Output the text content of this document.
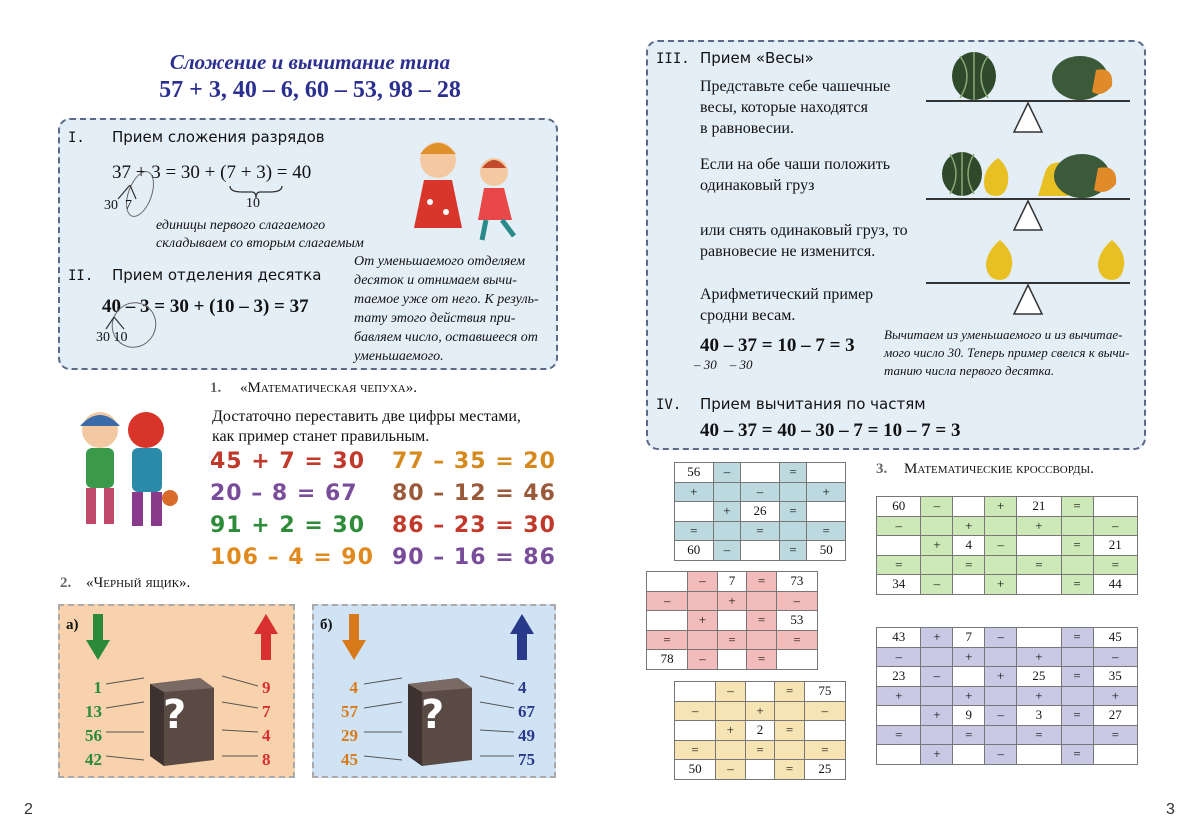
Сложение и вычитание типа
57 + 3, 40 – 6, 60 – 53, 98 – 28
I. Прием сложения разрядов
37 + 3 = 30 + (7 + 3) = 40
30  7	10
единицы первого слагаемого
складываем со вторым слагаемым
II. Прием отделения десятка
40 – 3 = 30 + (10 – 3) = 37
30 10
От уменьшаемого отделяем
десяток и отнимаем вычи-
таемое уже от него. К резуль-
тату этого действия при-
бавляем число, оставшееся от
уменьшаемого.
1. «Математическая чепуха».
Достаточно переставить две цифры местами,
как пример станет правильным.
45 + 7 = 30 77 – 35 = 20
20 – 8 = 67 80 – 12 = 46
91 + 2 = 30 86 – 23 = 30
106 – 4 = 90 90 – 16 = 86
2. «Черный ящик».
а)
1
13
56
42
9
7
4
8
?
б)
4
57
29
45
4
67
49
75
?
2
III. Прием «Весы»
Представьте себе чашечные
весы, которые находятся
в равновесии.
Если на обе чаши положить
одинаковый груз
или снять одинаковый груз, то
равновесие не изменится.
Арифметический пример
сродни весам.
40 – 37 = 10 – 7 = 3
– 30    – 30
Вычитаем из уменьшаемого и из вычитае-
мого число 30. Теперь пример свелся к вычи-
танию числа первого десятка.
IV. Прием вычитания по частям
40 – 37 = 40 – 30 – 7 = 10 – 7 = 3
3. Математические кроссворды.
56	–		=	
+		–		+
	+	26	=	
=		=		=
60	–		=	50
	–	7	=	73
–		+		–
	+		=	53
=		=		=
78	–		=	
	–		=	75
–		+		–
	+	2	=	
=		=		=
50	–		=	25
60	–		+	21	=	
–		+		+		–
	+	4	–		=	21
=		=		=		=
34	–		+		=	44
43	+	7	–		=	45
–		+		+		–
23	–		+	25	=	35
+		+		+		+
	+	9	–	3	=	27
=		=		=		=
	+		–		=	
3
